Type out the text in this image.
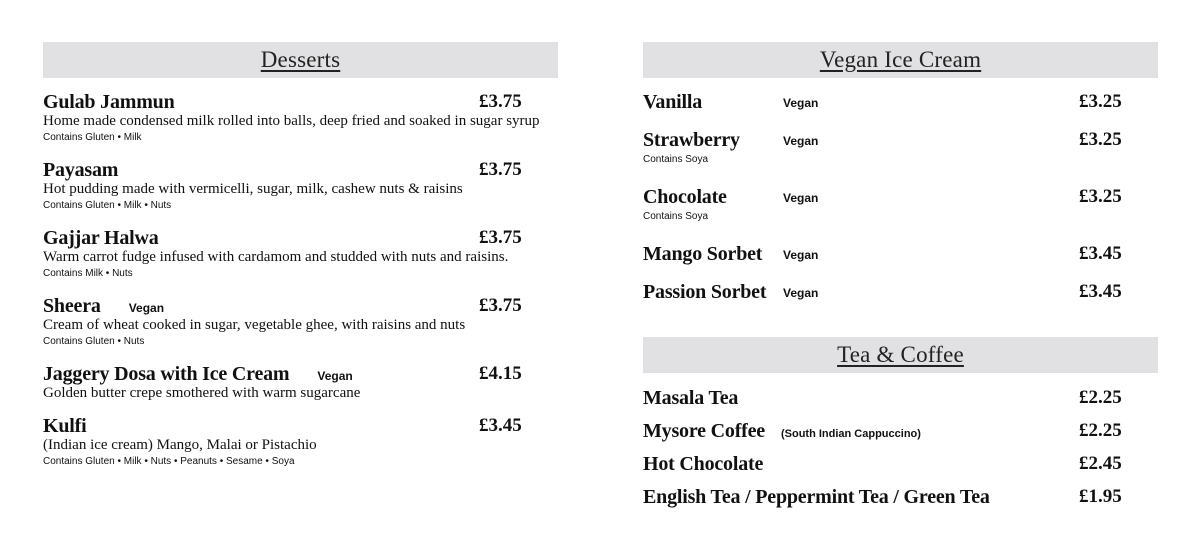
Desserts
Gulab Jammun	£3.75
Home made condensed milk rolled into balls, deep fried and soaked in sugar syrup
Contains Gluten • Milk
Payasam	£3.75
Hot pudding made with vermicelli, sugar, milk, cashew nuts & raisins
Contains Gluten • Milk • Nuts
Gajjar Halwa	£3.75
Warm carrot fudge infused with cardamom and studded with nuts and raisins.
Contains Milk • Nuts
Sheera Vegan	£3.75
Cream of wheat cooked in sugar, vegetable ghee, with raisins and nuts
Contains Gluten • Nuts
Jaggery Dosa with Ice Cream Vegan	£4.15
Golden butter crepe smothered with warm sugarcane
Kulfi	£3.45
(Indian ice cream) Mango, Malai or Pistachio
Contains Gluten • Milk • Nuts • Peanuts • Sesame • Soya
Vegan Ice Cream
Vanilla	Vegan	£3.25
Strawberry	Vegan	£3.25
Contains Soya
Chocolate	Vegan	£3.25
Contains Soya
Mango Sorbet Vegan	£3.45
Passion Sorbet Vegan	£3.45
Tea & Coffee
Masala Tea	£2.25
Mysore Coffee (South Indian Cappuccino)	£2.25
Hot Chocolate	£2.45
English Tea / Peppermint Tea / Green Tea	£1.95
